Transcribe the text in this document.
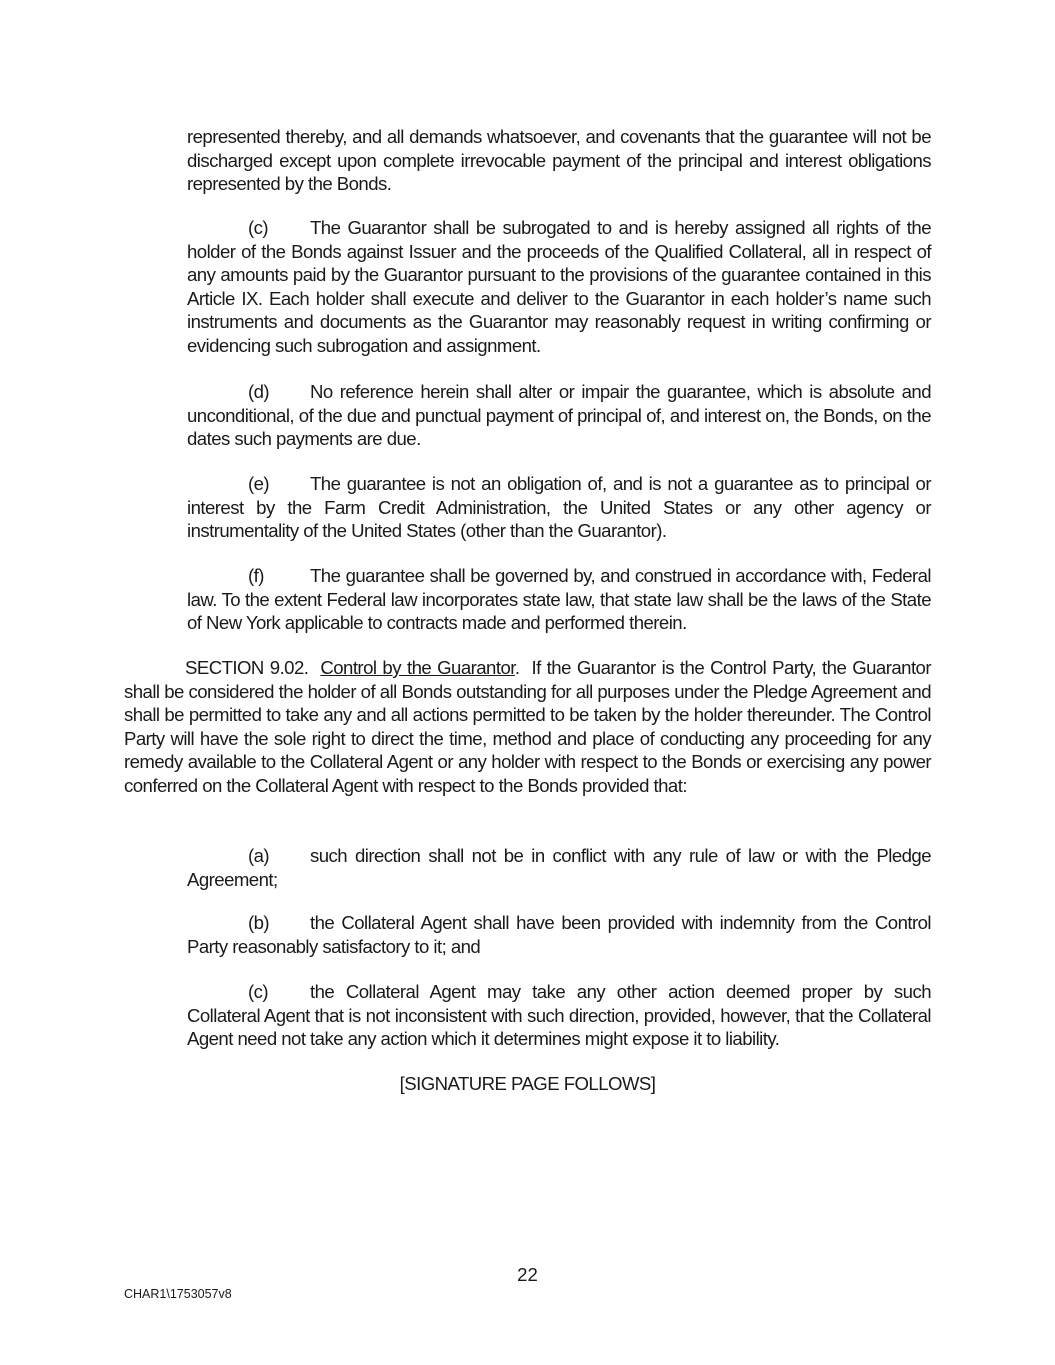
represented thereby, and all demands whatsoever, and covenants that the guarantee will not be discharged except upon complete irrevocable payment of the principal and interest obligations represented by the Bonds.

(c) The Guarantor shall be subrogated to and is hereby assigned all rights of the holder of the Bonds against Issuer and the proceeds of the Qualified Collateral, all in respect of any amounts paid by the Guarantor pursuant to the provisions of the guarantee contained in this Article IX. Each holder shall execute and deliver to the Guarantor in each holder’s name such instruments and documents as the Guarantor may reasonably request in writing confirming or evidencing such subrogation and assignment.

(d) No reference herein shall alter or impair the guarantee, which is absolute and unconditional, of the due and punctual payment of principal of, and interest on, the Bonds, on the dates such payments are due.

(e) The guarantee is not an obligation of, and is not a guarantee as to principal or interest by the Farm Credit Administration, the United States or any other agency or instrumentality of the United States (other than the Guarantor).

(f) The guarantee shall be governed by, and construed in accordance with, Federal law. To the extent Federal law incorporates state law, that state law shall be the laws of the State of New York applicable to contracts made and performed therein.

SECTION 9.02. Control by the Guarantor. If the Guarantor is the Control Party, the Guarantor shall be considered the holder of all Bonds outstanding for all purposes under the Pledge Agreement and shall be permitted to take any and all actions permitted to be taken by the holder thereunder. The Control Party will have the sole right to direct the time, method and place of conducting any proceeding for any remedy available to the Collateral Agent or any holder with respect to the Bonds or exercising any power conferred on the Collateral Agent with respect to the Bonds provided that:

(a) such direction shall not be in conflict with any rule of law or with the Pledge Agreement;

(b) the Collateral Agent shall have been provided with indemnity from the Control Party reasonably satisfactory to it; and

(c) the Collateral Agent may take any other action deemed proper by such Collateral Agent that is not inconsistent with such direction, provided, however, that the Collateral Agent need not take any action which it determines might expose it to liability.

[SIGNATURE PAGE FOLLOWS]
22
CHAR1\1753057v8
